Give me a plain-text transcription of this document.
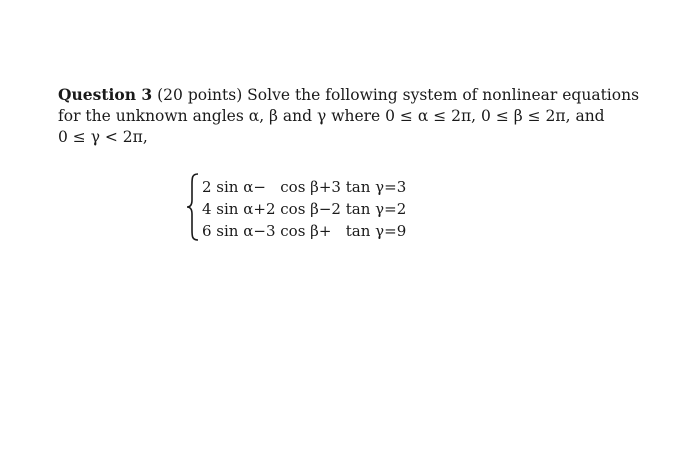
Question 3 (20 points) Solve the following system of nonlinear equations
for the unknown angles α, β and γ where 0 ≤ α ≤ 2π, 0 ≤ β ≤ 2π, and
0 ≤ γ < 2π,
2 sin α	−	cos β	+	3 tan γ	=	3
4 sin α	+	2 cos β	−	2 tan γ	=	2
6 sin α	−	3 cos β	+	tan γ	=	9
